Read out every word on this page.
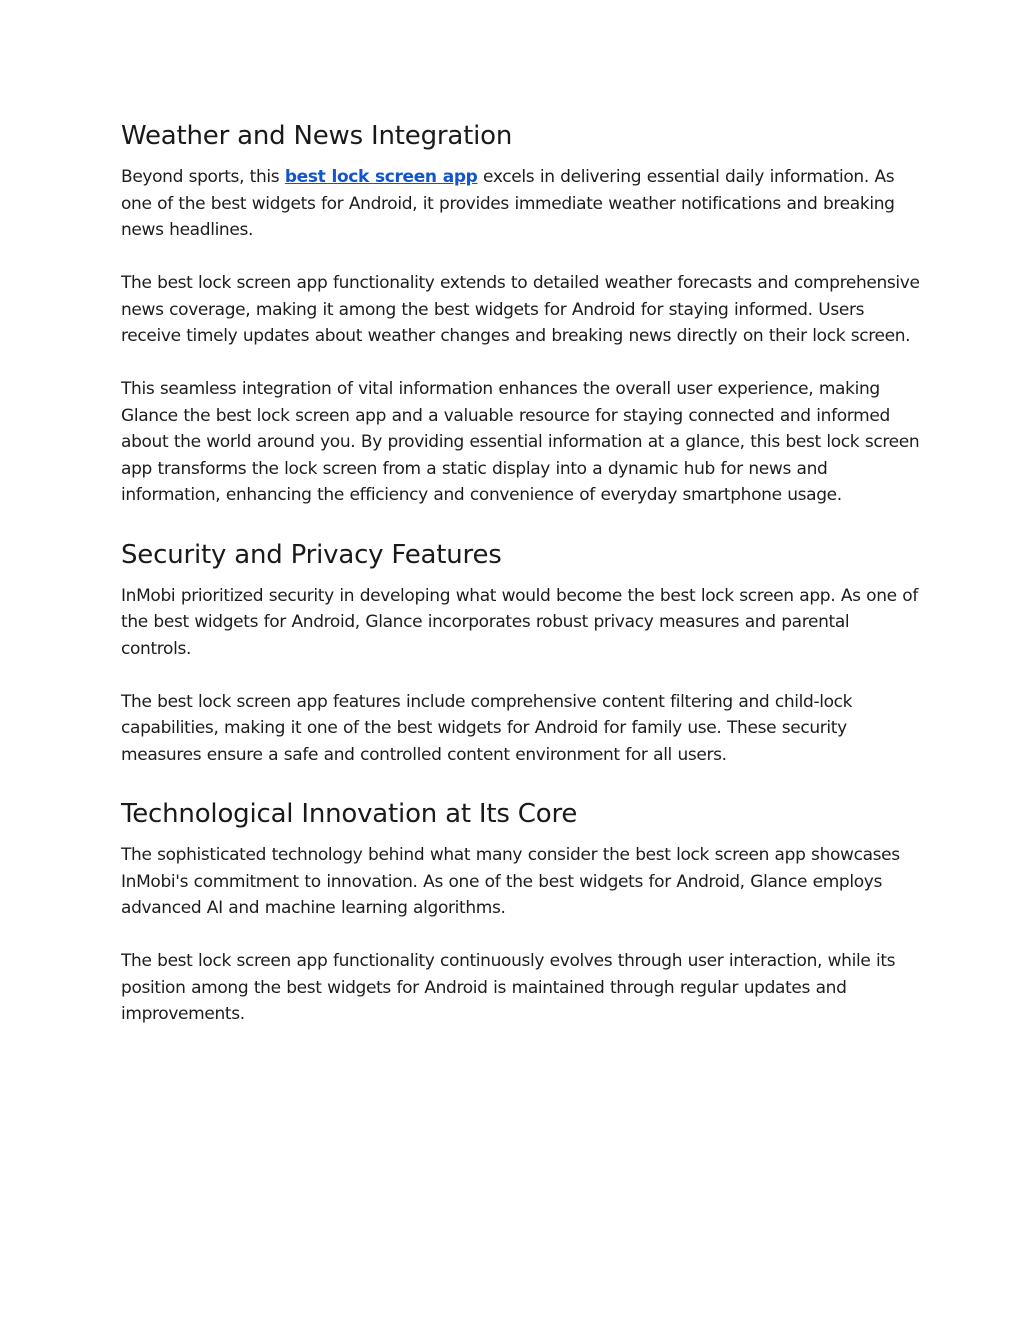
Weather and News Integration

Beyond sports, this best lock screen app excels in delivering essential daily information. As one of the best widgets for Android, it provides immediate weather notifications and breaking news headlines.

The best lock screen app functionality extends to detailed weather forecasts and comprehensive news coverage, making it among the best widgets for Android for staying informed. Users receive timely updates about weather changes and breaking news directly on their lock screen.

This seamless integration of vital information enhances the overall user experience, making Glance the best lock screen app and a valuable resource for staying connected and informed about the world around you. By providing essential information at a glance, this best lock screen app transforms the lock screen from a static display into a dynamic hub for news and information, enhancing the efficiency and convenience of everyday smartphone usage.

Security and Privacy Features

InMobi prioritized security in developing what would become the best lock screen app. As one of the best widgets for Android, Glance incorporates robust privacy measures and parental controls.

The best lock screen app features include comprehensive content filtering and child-lock capabilities, making it one of the best widgets for Android for family use. These security measures ensure a safe and controlled content environment for all users.

Technological Innovation at Its Core

The sophisticated technology behind what many consider the best lock screen app showcases InMobi's commitment to innovation. As one of the best widgets for Android, Glance employs advanced AI and machine learning algorithms.

The best lock screen app functionality continuously evolves through user interaction, while its position among the best widgets for Android is maintained through regular updates and improvements.
